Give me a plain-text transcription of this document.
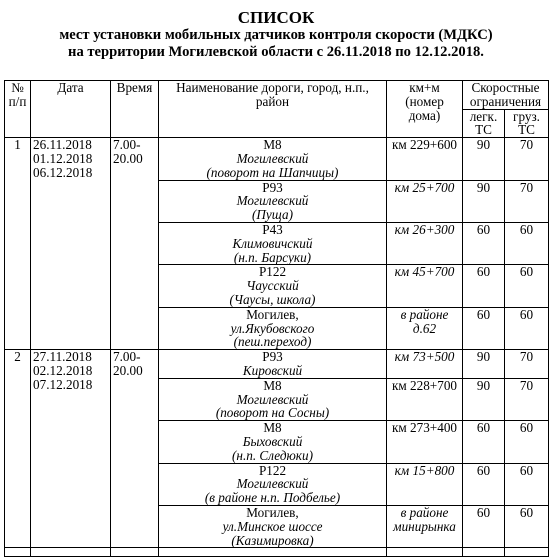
СПИСОК
мест установки мобильных датчиков контроля скорости (МДКС)
на территории Могилевской области с 26.11.2018 по 12.12.2018.
№ п/п	Дата	Время	Наименование дороги, город, н.п., район	км+м (номер дома)	Скоростные ограничения	
					легк. ТС	груз. ТС
1	26.11.2018
01.12.2018
06.12.2018	7.00-
20.00	М8
Могилевский
(поворот на Шапчицы)	км 229+600	90	70

			Р93
Могилевский
(Пуща)	км 25+700	90	70

			Р43
Климовичский
(н.п. Барсуки)	км 26+300	60	60

			Р122
Чаусский
(Чаусы, школа)	км 45+700	60	60

			Могилев,
ул.Якубовского
(пеш.переход)	в районе
д.62	60	60
2	27.11.2018
02.12.2018
07.12.2018	7.00-
20.00	Р93
Кировский	км 73+500	90	70

			М8
Могилевский
(поворот на Сосны)	км 228+700	90	70

			М8
Быховский
(н.п. Следюки)	км 273+400	60	60

			Р122
Могилевский
(в районе н.п. Подбелье)	км 15+800	60	60

			Могилев,
ул.Минское шоссе
(Казимировка)	в районе
минирынка	60	60
